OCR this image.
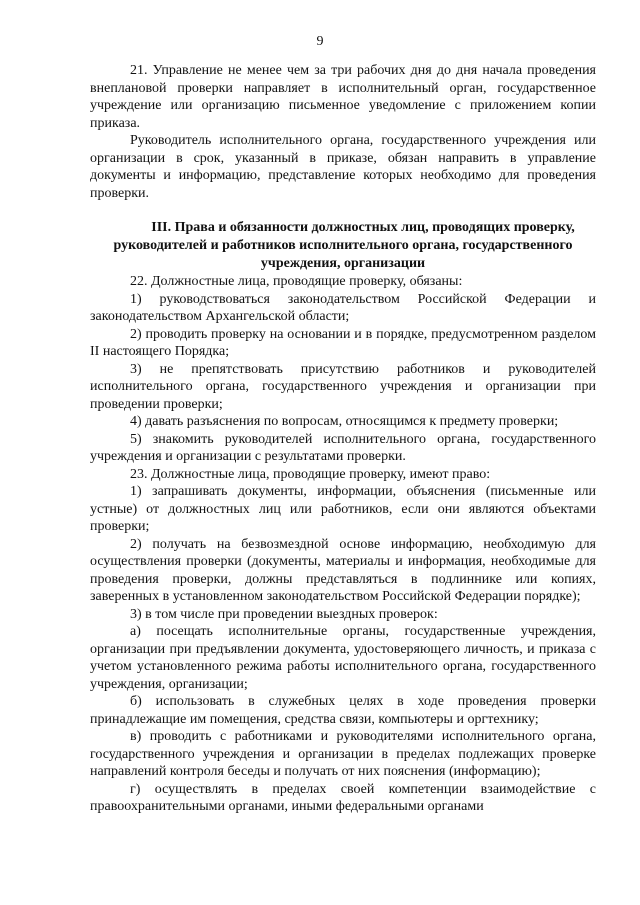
9

21. Управление не менее чем за три рабочих дня до дня начала проведения внеплановой проверки направляет в исполнительный орган, государственное учреждение или организацию письменное уведомление с приложением копии приказа.

Руководитель исполнительного органа, государственного учреждения или организации в срок, указанный в приказе, обязан направить в управление документы и информацию, представление которых необходимо для проведения проверки.

III. Права и обязанности должностных лиц, проводящих проверку, руководителей и работников исполнительного органа, государственного учреждения, организации

22. Должностные лица, проводящие проверку, обязаны:

1) руководствоваться законодательством Российской Федерации и законодательством Архангельской области;

2) проводить проверку на основании и в порядке, предусмотренном разделом II настоящего Порядка;

3) не препятствовать присутствию работников и руководителей исполнительного органа, государственного учреждения и организации при проведении проверки;

4) давать разъяснения по вопросам, относящимся к предмету проверки;

5) знакомить руководителей исполнительного органа, государственного учреждения и организации с результатами проверки.

23. Должностные лица, проводящие проверку, имеют право:

1) запрашивать документы, информации, объяснения (письменные или устные) от должностных лиц или работников, если они являются объектами проверки;

2) получать на безвозмездной основе информацию, необходимую для осуществления проверки (документы, материалы и информация, необходимые для проведения проверки, должны представляться в подлиннике или копиях, заверенных в установленном законодательством Российской Федерации порядке);

3) в том числе при проведении выездных проверок:

а) посещать исполнительные органы, государственные учреждения, организации при предъявлении документа, удостоверяющего личность, и приказа с учетом установленного режима работы исполнительного органа, государственного учреждения, организации;

б) использовать в служебных целях в ходе проведения проверки принадлежащие им помещения, средства связи, компьютеры и оргтехнику;

в) проводить с работниками и руководителями исполнительного органа, государственного учреждения и организации в пределах подлежащих проверке направлений контроля беседы и получать от них пояснения (информацию);

г) осуществлять в пределах своей компетенции взаимодействие с правоохранительными органами, иными федеральными органами
